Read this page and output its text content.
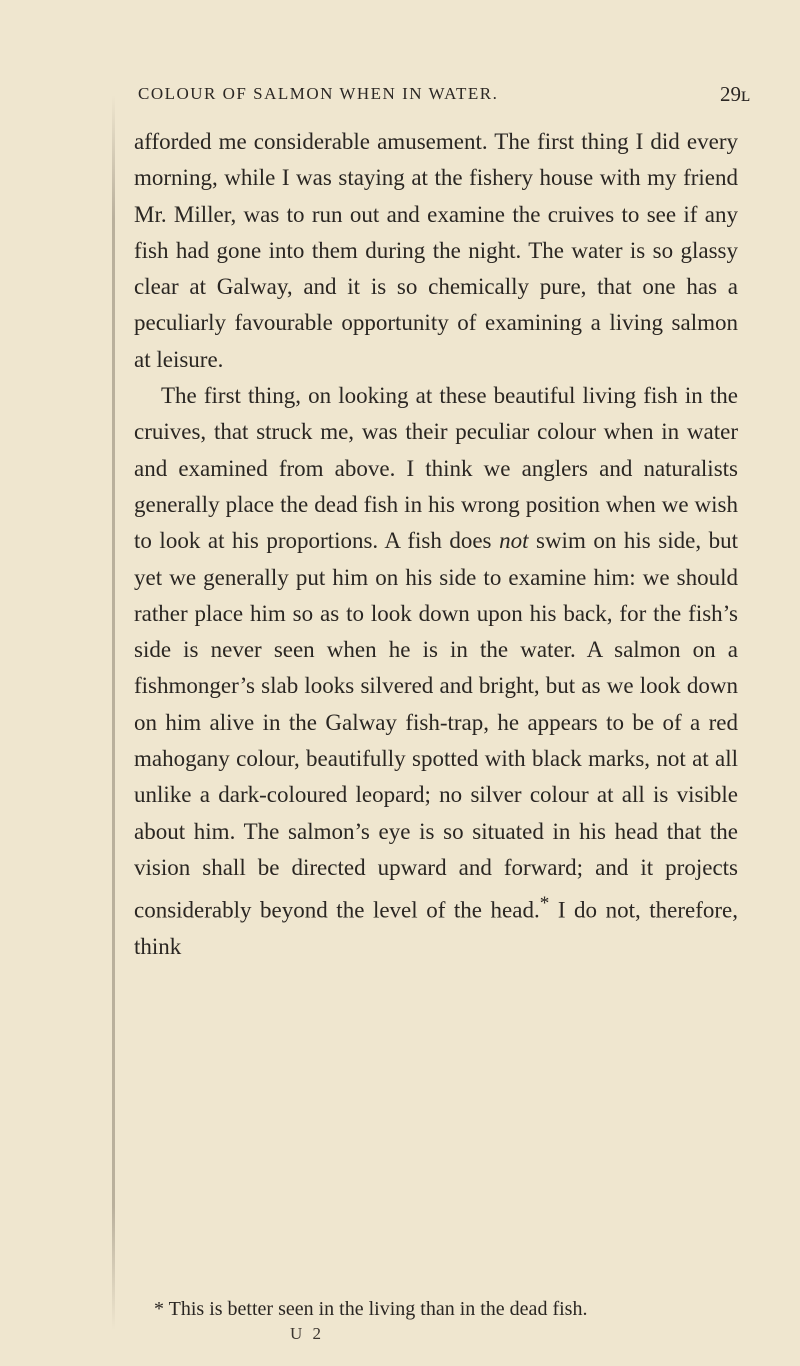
COLOUR OF SALMON WHEN IN WATER.	29ʟ

afforded me considerable amusement. The first thing I did every morning, while I was staying at the fishery house with my friend Mr. Miller, was to run out and examine the cruives to see if any fish had gone into them during the night. The water is so glassy clear at Galway, and it is so chemically pure, that one has a peculiarly favourable opportunity of examining a living salmon at leisure.

The first thing, on looking at these beautiful living fish in the cruives, that struck me, was their peculiar colour when in water and examined from above. I think we anglers and naturalists generally place the dead fish in his wrong position when we wish to look at his proportions. A fish does not swim on his side, but yet we generally put him on his side to examine him: we should rather place him so as to look down upon his back, for the fish’s side is never seen when he is in the water. A salmon on a fishmonger’s slab looks silvered and bright, but as we look down on him alive in the Galway fish-trap, he appears to be of a red mahogany colour, beautifully spotted with black marks, not at all unlike a dark-coloured leopard; no silver colour at all is visible about him. The salmon’s eye is so situated in his head that the vision shall be directed upward and forward; and it projects considerably beyond the level of the head.* I do not, therefore, think

* This is better seen in the living than in the dead fish.
U 2
